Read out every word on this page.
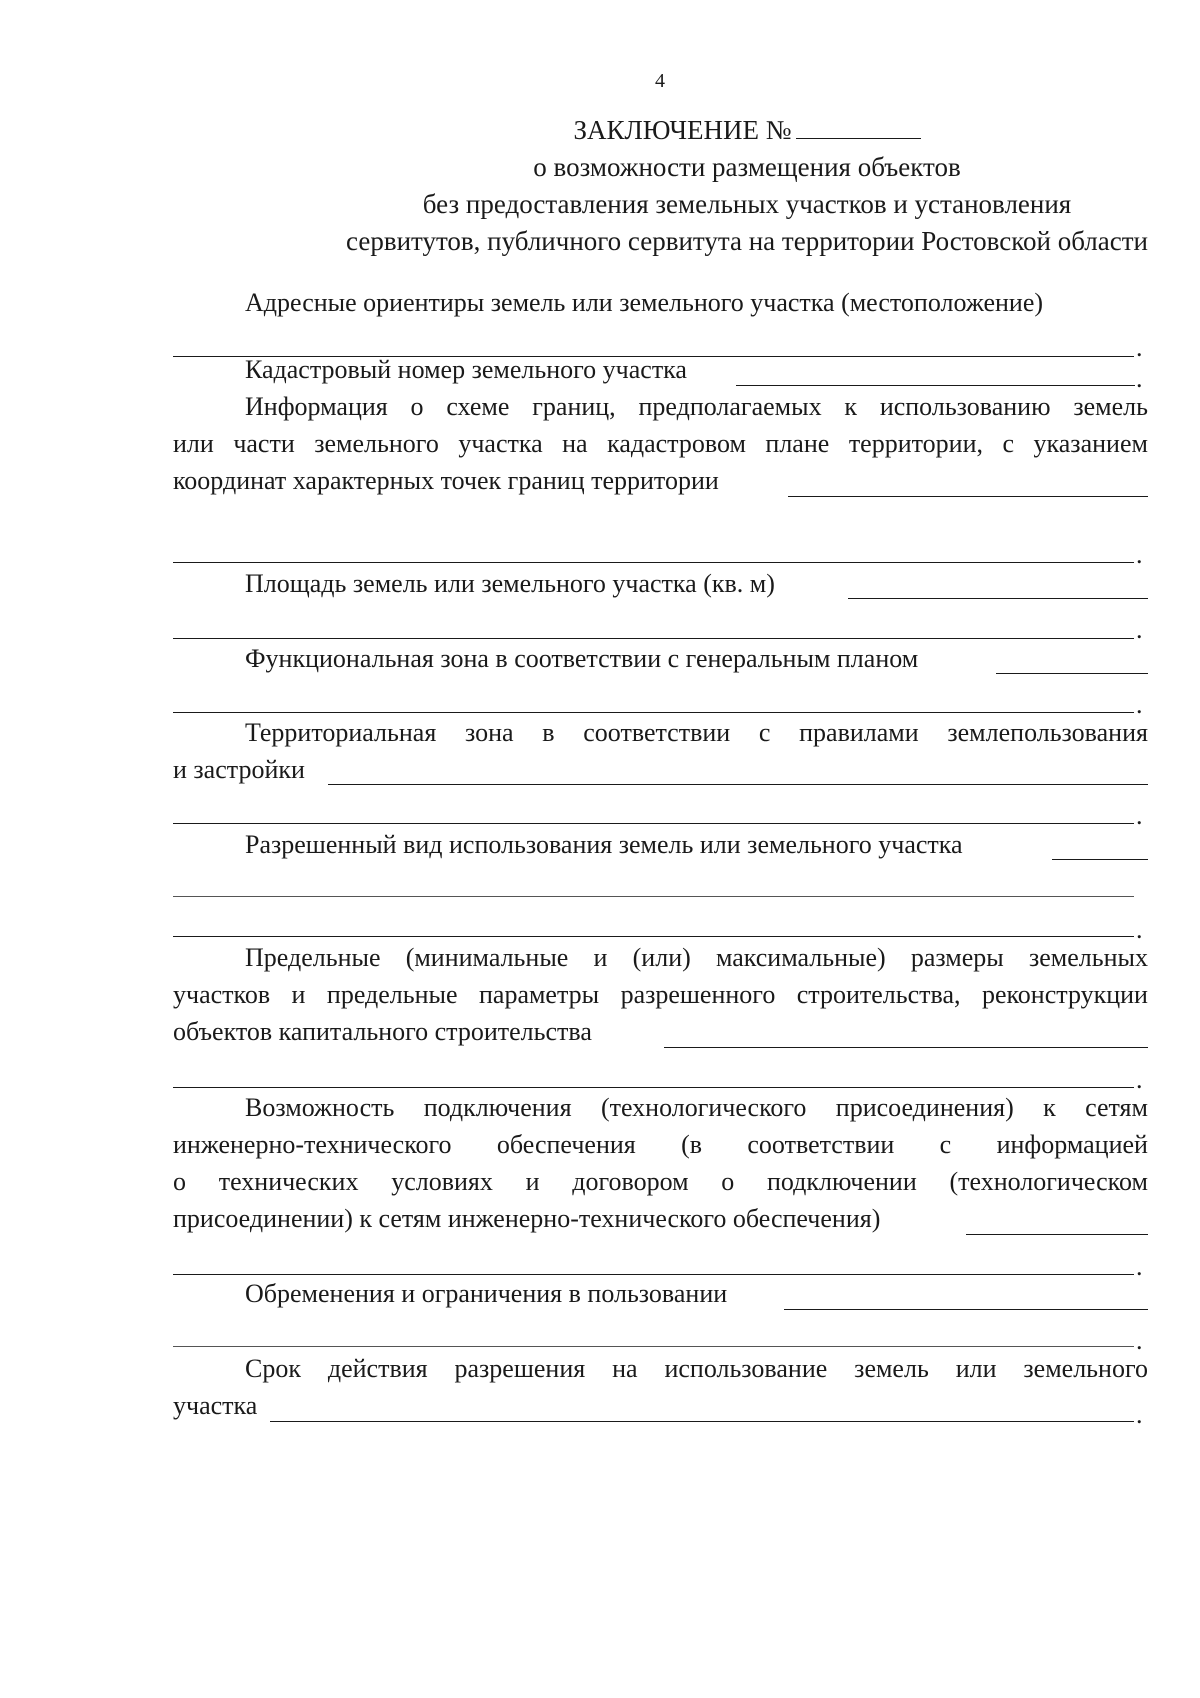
4
ЗАКЛЮЧЕНИЕ №
о возможности размещения объектов
без предоставления земельных участков и установления
сервитутов, публичного сервитута на территории Ростовской области
Адресные ориентиры земель или земельного участка (местоположение)
.
Кадастровый номер земельного участка	.
Информация о схеме границ, предполагаемых к использованию земель
или части земельного участка на кадастровом плане территории, с указанием
координат характерных точек границ территории
.
Площадь земель или земельного участка (кв. м)
.
Функциональная зона в соответствии с генеральным планом
.
Территориальная зона в соответствии с правилами землепользования
и застройки
.
Разрешенный вид использования земель или земельного участка
.
Предельные (минимальные и (или) максимальные) размеры земельных
участков и предельные параметры разрешенного строительства, реконструкции
объектов капитального строительства
.
Возможность подключения (технологического присоединения) к сетям
инженерно-технического обеспечения (в соответствии с информацией
о технических условиях и договором о подключении (технологическом
присоединении) к сетям инженерно-технического обеспечения)
.
Обременения и ограничения в пользовании
.
Срок действия разрешения на использование земель или земельного
участка	.
